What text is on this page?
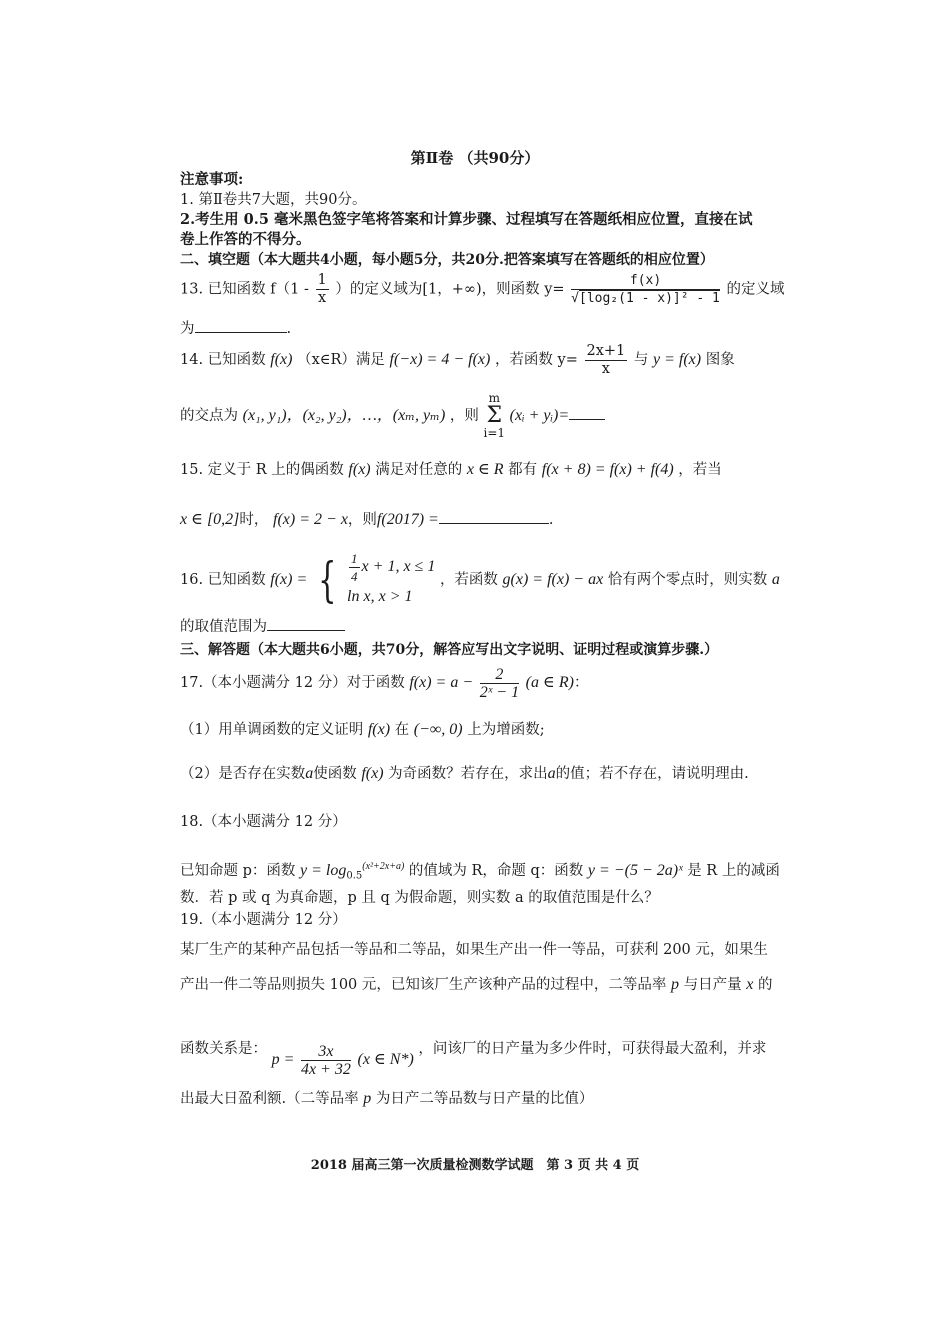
第Ⅱ卷 （共90分）
注意事项:
1. 第Ⅱ卷共7大题，共90分。
2.考生用 0.5 毫米黑色签字笔将答案和计算步骤、过程填写在答题纸相应位置，直接在试
卷上作答的不得分。
二、填空题（本大题共4小题，每小题5分，共20分.把答案填写在答题纸的相应位置）
13. 已知函数 $f(1 - \frac{1}{x}$ ）的定义域为[1，+∞)，则函数 $y= \frac{f(x)}{\text{√[log₂(1 - x)]² - 1}}$ 的定义域
为	.
14. 已知函数 f(x) （x∈R）满足 f(−x) = 4 − f(x) ，若函数 $y= \frac{2x+1}{x}$ 与 y = f(x) 图象
的交点为 (x₁, y₁)，(x₂, y₂)，…，(xₘ, yₘ) ，则
m
Σ
i=1
(xᵢ + yᵢ)=
15. 定义于 R 上的偶函数 f(x) 满足对任意的 x ∈ R 都有 f(x + 8) = f(x) + f(4) ，若当
x ∈ [0,2]时， f(x) = 2 − x，则f(2017) =	.
16. 已知函数 f(x) = { $\frac{1}{4}$ x + 1, x ≤ 1
ln x, x > 1
，若函数 g(x) = f(x) − ax 恰有两个零点时，则实数 a
的取值范围为
三、解答题（本大题共6小题，共70分，解答应写出文字说明、证明过程或演算步骤.）
17.（本小题满分 12 分）对于函数 $f(x) = a - \frac{2}{\text{2ˣ − 1}} (a$ ∈ R)：
（1）用单调函数的定义证明 f(x) 在 (−∞, 0) 上为增函数;
（2）是否存在实数a使函数 f(x) 为奇函数？若存在，求出a的值；若不存在，请说明理由.
18.（本小题满分 12 分）
已知命题 p：函数 $y = \log_{0.5}^{(x^2+2x+a)}$ 的值域为 R，命题 q：函数 y = −(5 − 2a)ˣ 是 R 上的减函
数．若 p 或 q 为真命题，p 且 q 为假命题，则实数 a 的取值范围是什么？
19.（本小题满分 12 分）
某厂生产的某种产品包括一等品和二等品，如果生产出一件一等品，可获利 200 元，如果生
产出一件二等品则损失 100 元，已知该厂生产该种产品的过程中，二等品率 p 与日产量 x 的
函数关系是： $p = \frac{3x}{4x + 32} (x$ ∈ N*) ，问该厂的日产量为多少件时，可获得最大盈利，并求
出最大日盈利额.（二等品率 p 为日产二等品数与日产量的比值）
2018 届高三第一次质量检测数学试题　第 3 页 共 4 页
